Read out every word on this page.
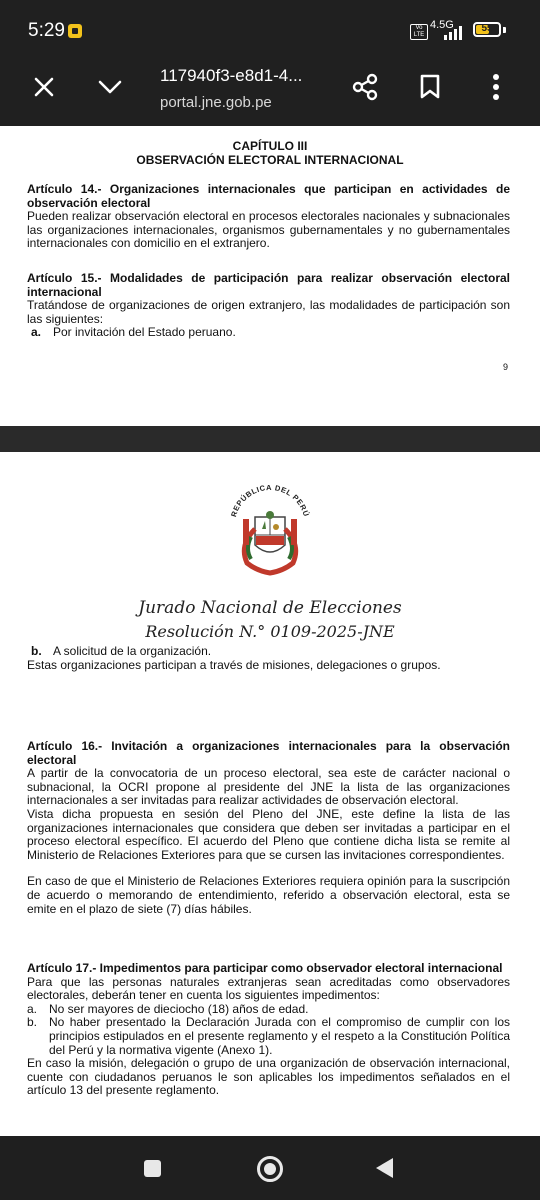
5:29	Vo
LTE
4.5G	55
117940f3-e8d1-4...
portal.jne.gob.pe
CAPÍTULO III
OBSERVACIÓN ELECTORAL INTERNACIONAL

Artículo 14.- Organizaciones internacionales que participan en actividades de observación electoral

Pueden realizar observación electoral en procesos electorales nacionales y subnacionales las organizaciones internacionales, organismos gubernamentales y no gubernamentales internacionales con domicilio en el extranjero.

Artículo 15.- Modalidades de participación para realizar observación electoral internacional

Tratándose de organizaciones de origen extranjero, las modalidades de participación son las siguientes:

a. Por invitación del Estado peruano.
9
REPÚBLICA DEL PERÚ
Jurado Nacional de Elecciones
Resolución N.° 0109-2025-JNE
b. A solicitud de la organización.

Estas organizaciones participan a través de misiones, delegaciones o grupos.

Artículo 16.- Invitación a organizaciones internacionales para la observación electoral

A partir de la convocatoria de un proceso electoral, sea este de carácter nacional o subnacional, la OCRI propone al presidente del JNE la lista de las organizaciones internacionales a ser invitadas para realizar actividades de observación electoral.

Vista dicha propuesta en sesión del Pleno del JNE, este define la lista de las organizaciones internacionales que considera que deben ser invitadas a participar en el proceso electoral específico. El acuerdo del Pleno que contiene dicha lista se remite al Ministerio de Relaciones Exteriores para que se cursen las invitaciones correspondientes.

En caso de que el Ministerio de Relaciones Exteriores requiera opinión para la suscripción de acuerdo o memorando de entendimiento, referido a observación electoral, esta se emite en el plazo de siete (7) días hábiles.

Artículo 17.- Impedimentos para participar como observador electoral internacional

Para que las personas naturales extranjeras sean acreditadas como observadores electorales, deberán tener en cuenta los siguientes impedimentos:

a. No ser mayores de dieciocho (18) años de edad.
b. No haber presentado la Declaración Jurada con el compromiso de cumplir con los principios estipulados en el presente reglamento y el respeto a la Constitución Política del Perú y la normativa vigente (Anexo 1).

En caso la misión, delegación o grupo de una organización de observación internacional, cuente con ciudadanos peruanos le son aplicables los impedimentos señalados en el artículo 13 del presente reglamento.
